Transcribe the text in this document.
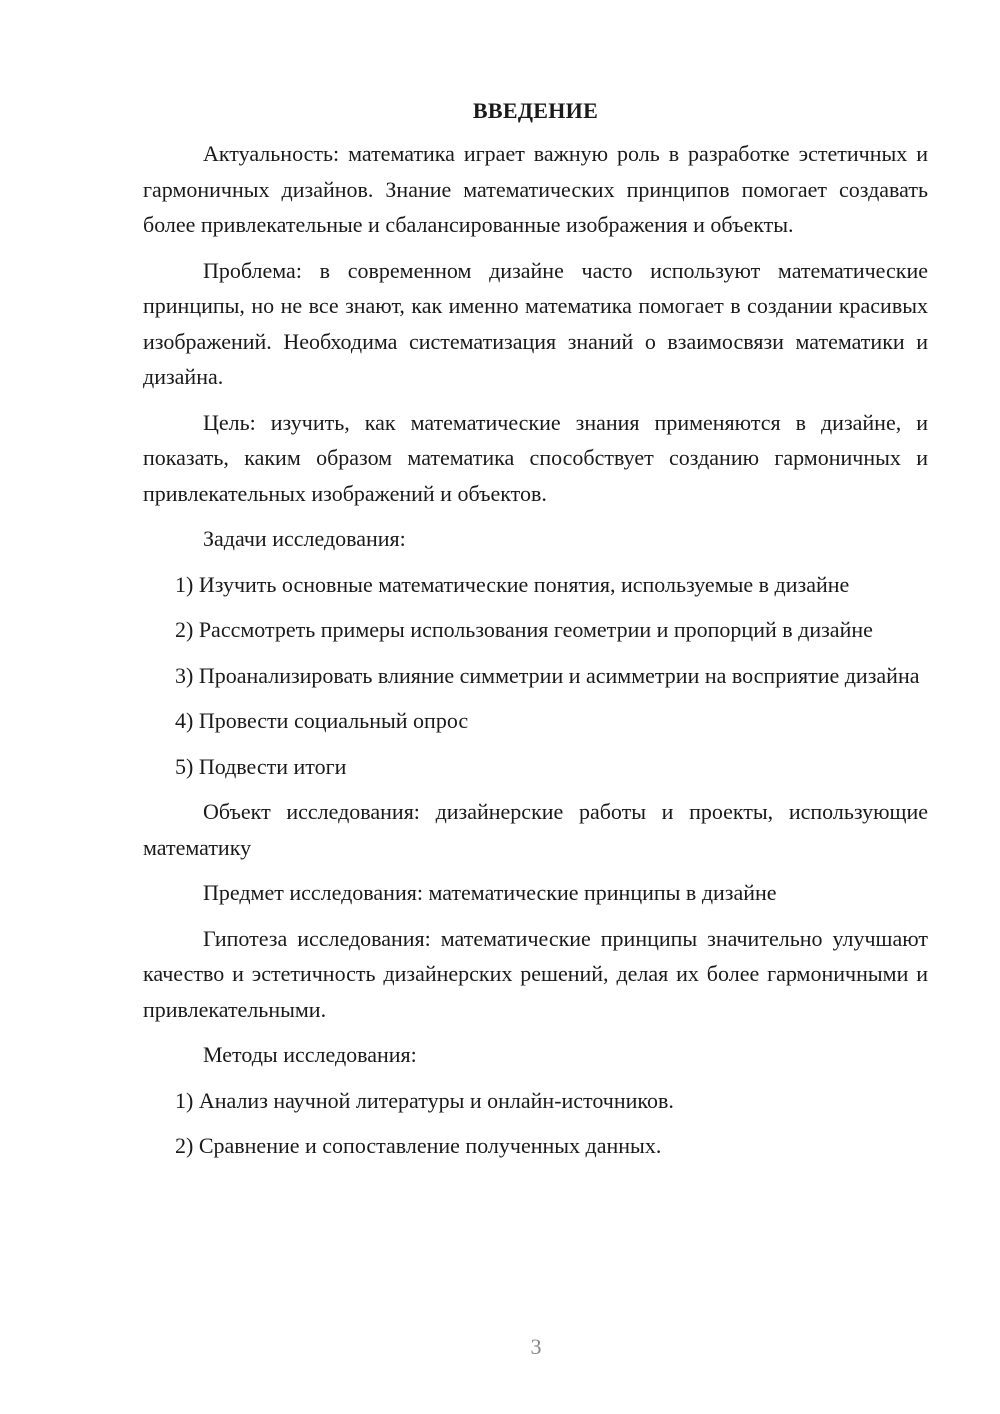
ВВЕДЕНИЕ

Актуальность: математика играет важную роль в разработке эстетичных и гармоничных дизайнов. Знание математических принципов помогает создавать более привлекательные и сбалансированные изображения и объекты.

Проблема: в современном дизайне часто используют математические принципы, но не все знают, как именно математика помогает в создании красивых изображений. Необходима систематизация знаний о взаимосвязи математики и дизайна.

Цель: изучить, как математические знания применяются в дизайне, и показать, каким образом математика способствует созданию гармоничных и привлекательных изображений и объектов.

Задачи исследования:

1) Изучить основные математические понятия, используемые в дизайне

2) Рассмотреть примеры использования геометрии и пропорций в дизайне

3) Проанализировать влияние симметрии и асимметрии на восприятие дизайна

4) Провести социальный опрос

5) Подвести итоги

Объект исследования: дизайнерские работы и проекты, использующие математику

Предмет исследования: математические принципы в дизайне

Гипотеза исследования: математические принципы значительно улучшают качество и эстетичность дизайнерских решений, делая их более гармоничными и привлекательными.

Методы исследования:

1) Анализ научной литературы и онлайн-источников.

2) Сравнение и сопоставление полученных данных.

3
